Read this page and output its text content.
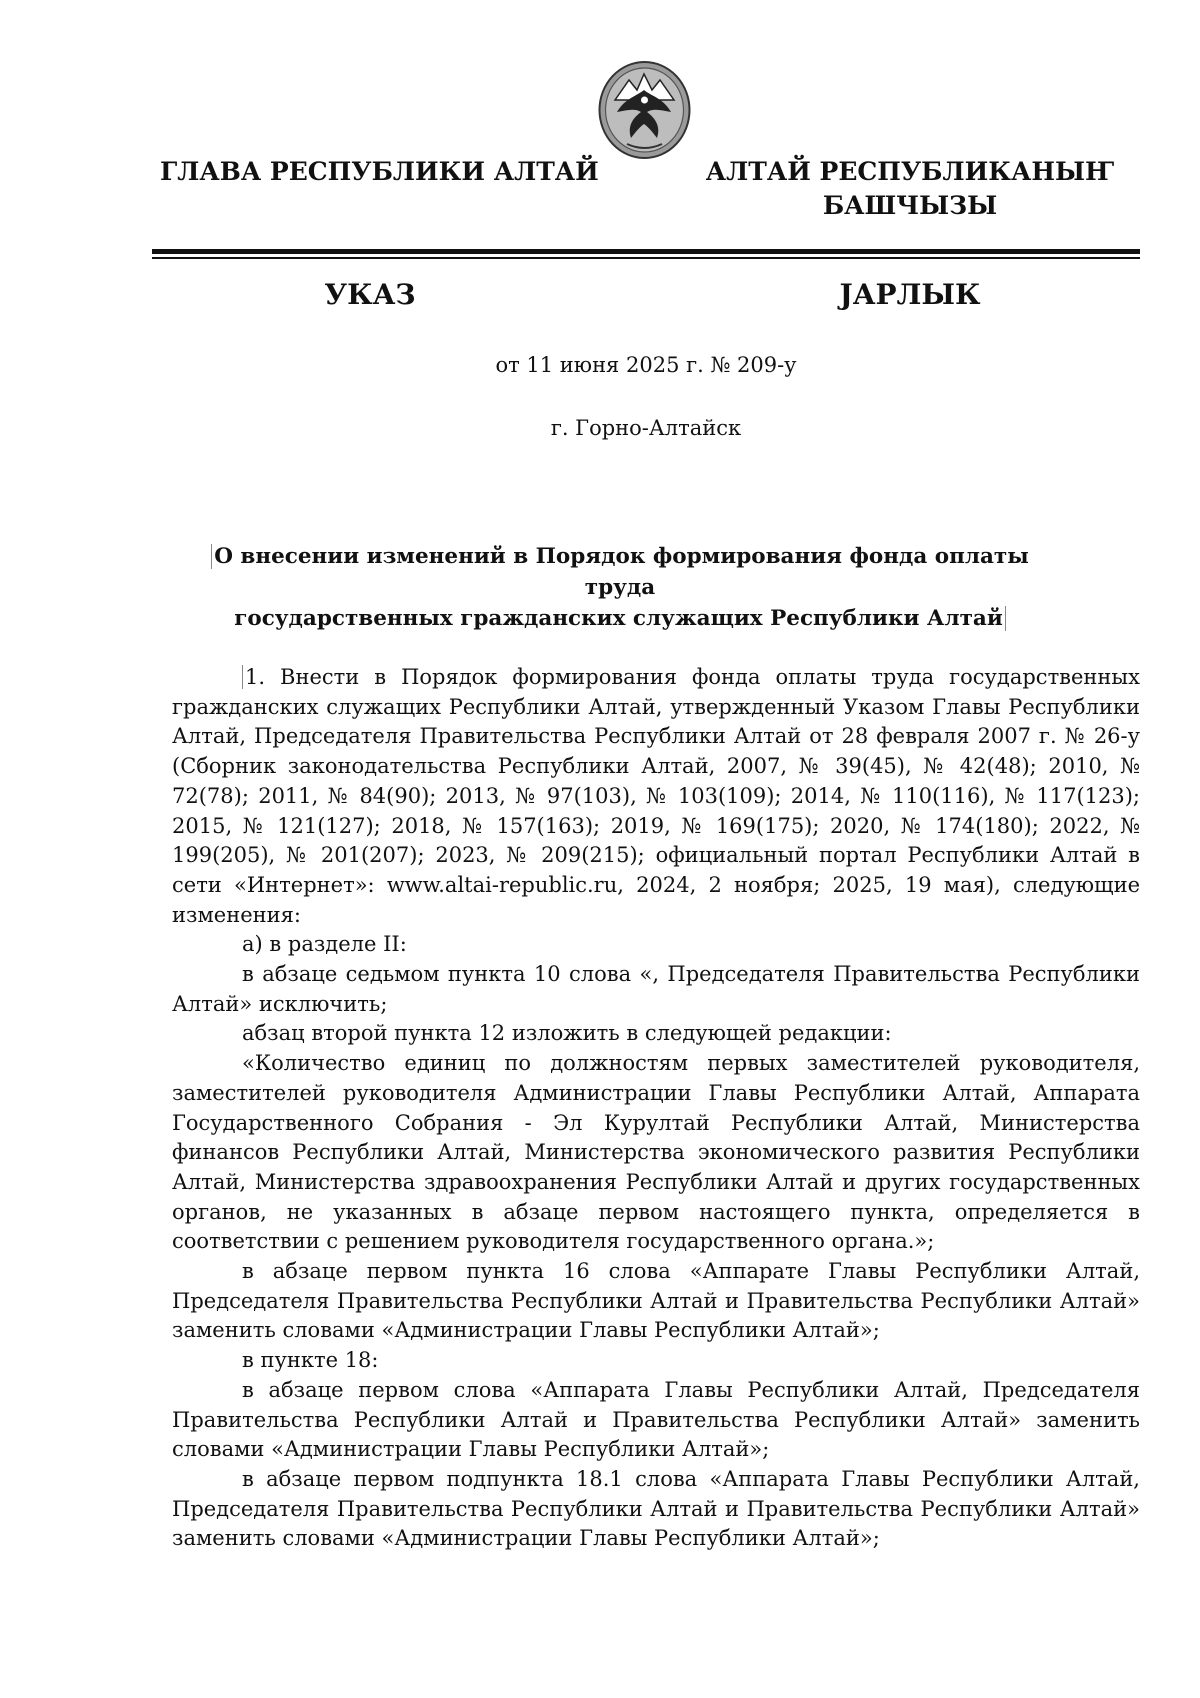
ГЛАВА РЕСПУБЛИКИ АЛТАЙ	АЛТАЙ РЕСПУБЛИКАНЫҤ
БАШЧЫЗЫ
УКАЗ	ЈАРЛЫК
от 11 июня 2025 г. № 209-у
г. Горно-Алтайск
О внесении изменений в Порядок формирования фонда оплаты труда
государственных гражданских служащих Республики Алтай

1. Внести в Порядок формирования фонда оплаты труда государственных гражданских служащих Республики Алтай, утвержденный Указом Главы Республики Алтай, Председателя Правительства Республики Алтай от 28 февраля 2007 г. № 26-у (Сборник законодательства Республики Алтай, 2007, № 39(45), № 42(48); 2010, № 72(78); 2011, № 84(90); 2013, № 97(103), № 103(109); 2014, № 110(116), № 117(123); 2015, № 121(127); 2018, № 157(163); 2019, № 169(175); 2020, № 174(180); 2022, № 199(205), № 201(207); 2023, № 209(215); официальный портал Республики Алтай в сети «Интернет»: www.altai-republic.ru, 2024, 2 ноября; 2025, 19 мая), следующие изменения:

а) в разделе II:

в абзаце седьмом пункта 10 слова «, Председателя Правительства Республики Алтай» исключить;

абзац второй пункта 12 изложить в следующей редакции:

«Количество единиц по должностям первых заместителей руководителя, заместителей руководителя Администрации Главы Республики Алтай, Аппарата Государственного Собрания - Эл Курултай Республики Алтай, Министерства финансов Республики Алтай, Министерства экономического развития Республики Алтай, Министерства здравоохранения Республики Алтай и других государственных органов, не указанных в абзаце первом настоящего пункта, определяется в соответствии с решением руководителя государственного органа.»;

в абзаце первом пункта 16 слова «Аппарате Главы Республики Алтай, Председателя Правительства Республики Алтай и Правительства Республики Алтай» заменить словами «Администрации Главы Республики Алтай»;

в пункте 18:

в абзаце первом слова «Аппарата Главы Республики Алтай, Председателя Правительства Республики Алтай и Правительства Республики Алтай» заменить словами «Администрации Главы Республики Алтай»;

в абзаце первом подпункта 18.1 слова «Аппарата Главы Республики Алтай, Председателя Правительства Республики Алтай и Правительства Республики Алтай» заменить словами «Администрации Главы Республики Алтай»;
